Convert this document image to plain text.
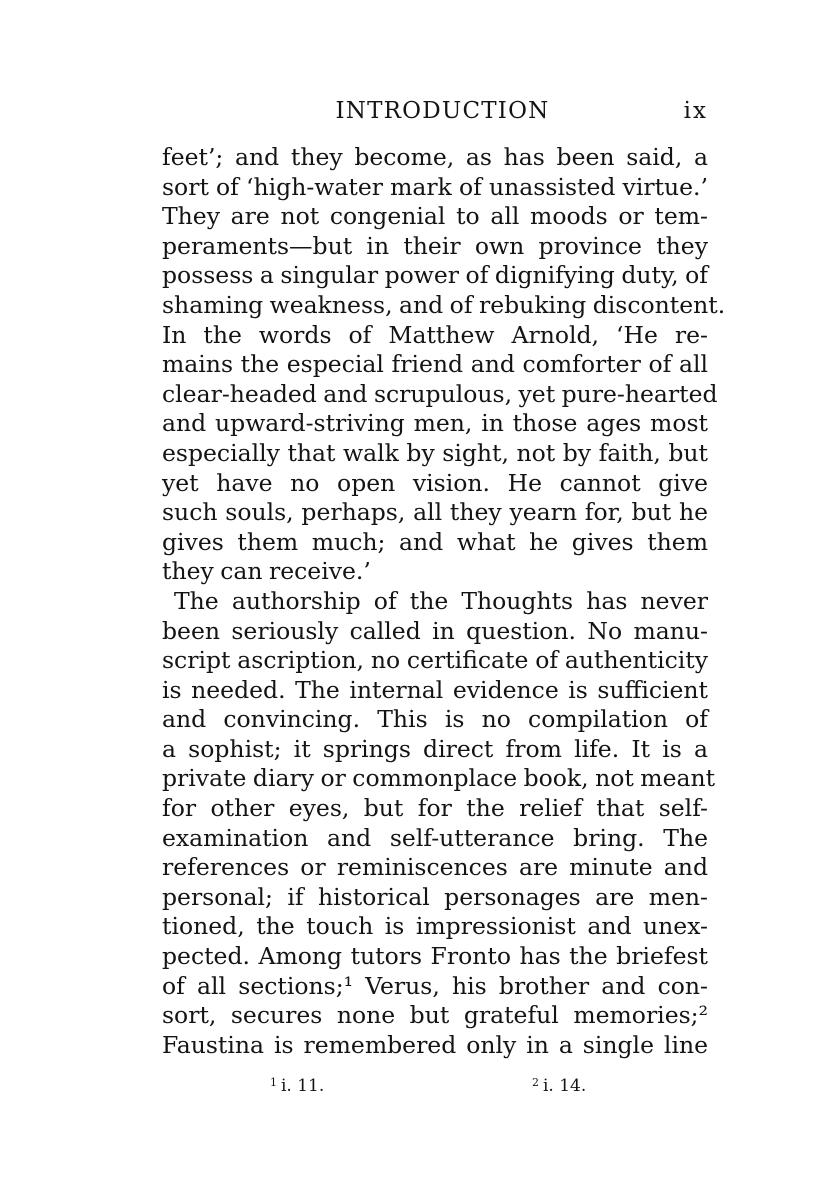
INTRODUCTION	ix
feet’; and they become, as has been said, a
sort of ‘high-water mark of unassisted virtue.’
They are not congenial to all moods or tem-
peraments—but in their own province they
possess a singular power of dignifying duty, of
shaming weakness, and of rebuking discontent.
In the words of Matthew Arnold, ‘He re-
mains the especial friend and comforter of all
clear-headed and scrupulous, yet pure-hearted
and upward-striving men, in those ages most
especially that walk by sight, not by faith, but
yet have no open vision. He cannot give
such souls, perhaps, all they yearn for, but he
gives them much; and what he gives them
they can receive.’
The authorship of the Thoughts has never
been seriously called in question. No manu-
script ascription, no certificate of authenticity
is needed. The internal evidence is sufficient
and convincing. This is no compilation of
a sophist; it springs direct from life. It is a
private diary or commonplace book, not meant
for other eyes, but for the relief that self-
examination and self-utterance bring. The
references or reminiscences are minute and
personal; if historical personages are men-
tioned, the touch is impressionist and unex-
pected. Among tutors Fronto has the briefest
of all sections;¹ Verus, his brother and con-
sort, secures none but grateful memories;²
Faustina is remembered only in a single line
$^1$ i. 11.	$^2$ i. 14.
